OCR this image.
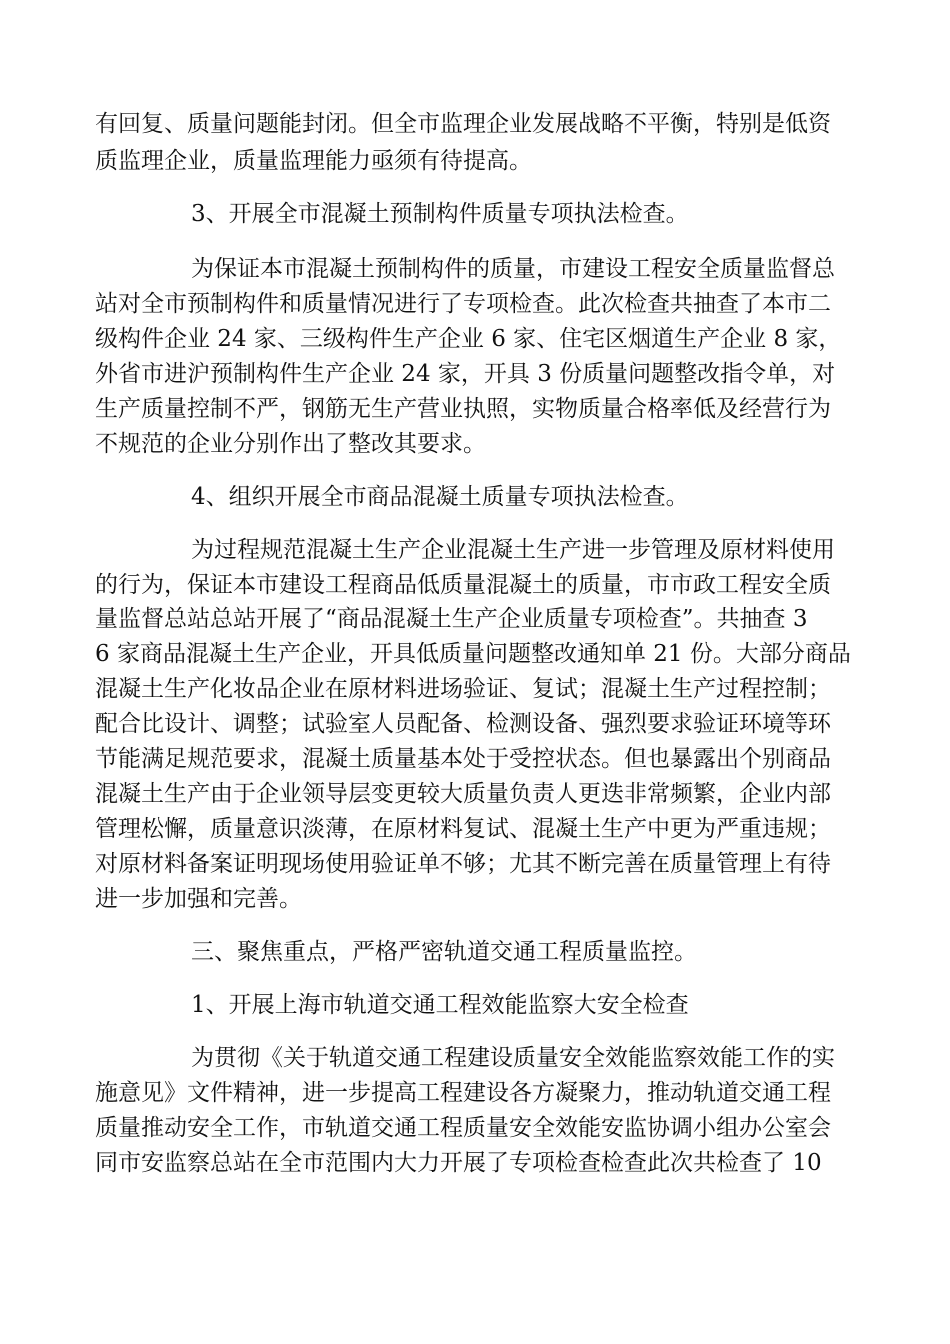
有回复、质量问题能封闭。但全市监理企业发展战略不平衡，特别是低资
质监理企业，质量监理能力亟须有待提高。
3、开展全市混凝土预制构件质量专项执法检查。
为保证本市混凝土预制构件的质量，市建设工程安全质量监督总
站对全市预制构件和质量情况进行了专项检查。此次检查共抽查了本市二
级构件企业 24 家、三级构件生产企业 6 家、住宅区烟道生产企业 8 家，
外省市进沪预制构件生产企业 24 家，开具 3 份质量问题整改指令单，对
生产质量控制不严，钢筋无生产营业执照，实物质量合格率低及经营行为
不规范的企业分别作出了整改其要求。
4、组织开展全市商品混凝土质量专项执法检查。
为过程规范混凝土生产企业混凝土生产进一步管理及原材料使用
的行为，保证本市建设工程商品低质量混凝土的质量，市市政工程安全质
量监督总站总站开展了“商品混凝土生产企业质量专项检查”。共抽查 3
6 家商品混凝土生产企业，开具低质量问题整改通知单 21 份。大部分商品
混凝土生产化妆品企业在原材料进场验证、复试；混凝土生产过程控制；
配合比设计、调整；试验室人员配备、检测设备、强烈要求验证环境等环
节能满足规范要求，混凝土质量基本处于受控状态。但也暴露出个别商品
混凝土生产由于企业领导层变更较大质量负责人更迭非常频繁，企业内部
管理松懈，质量意识淡薄，在原材料复试、混凝土生产中更为严重违规；
对原材料备案证明现场使用验证单不够；尤其不断完善在质量管理上有待
进一步加强和完善。
三、聚焦重点，严格严密轨道交通工程质量监控。
1、开展上海市轨道交通工程效能监察大安全检查
为贯彻《关于轨道交通工程建设质量安全效能监察效能工作的实
施意见》文件精神，进一步提高工程建设各方凝聚力，推动轨道交通工程
质量推动安全工作，市轨道交通工程质量安全效能安监协调小组办公室会
同市安监察总站在全市范围内大力开展了专项检查检查此次共检查了 10
